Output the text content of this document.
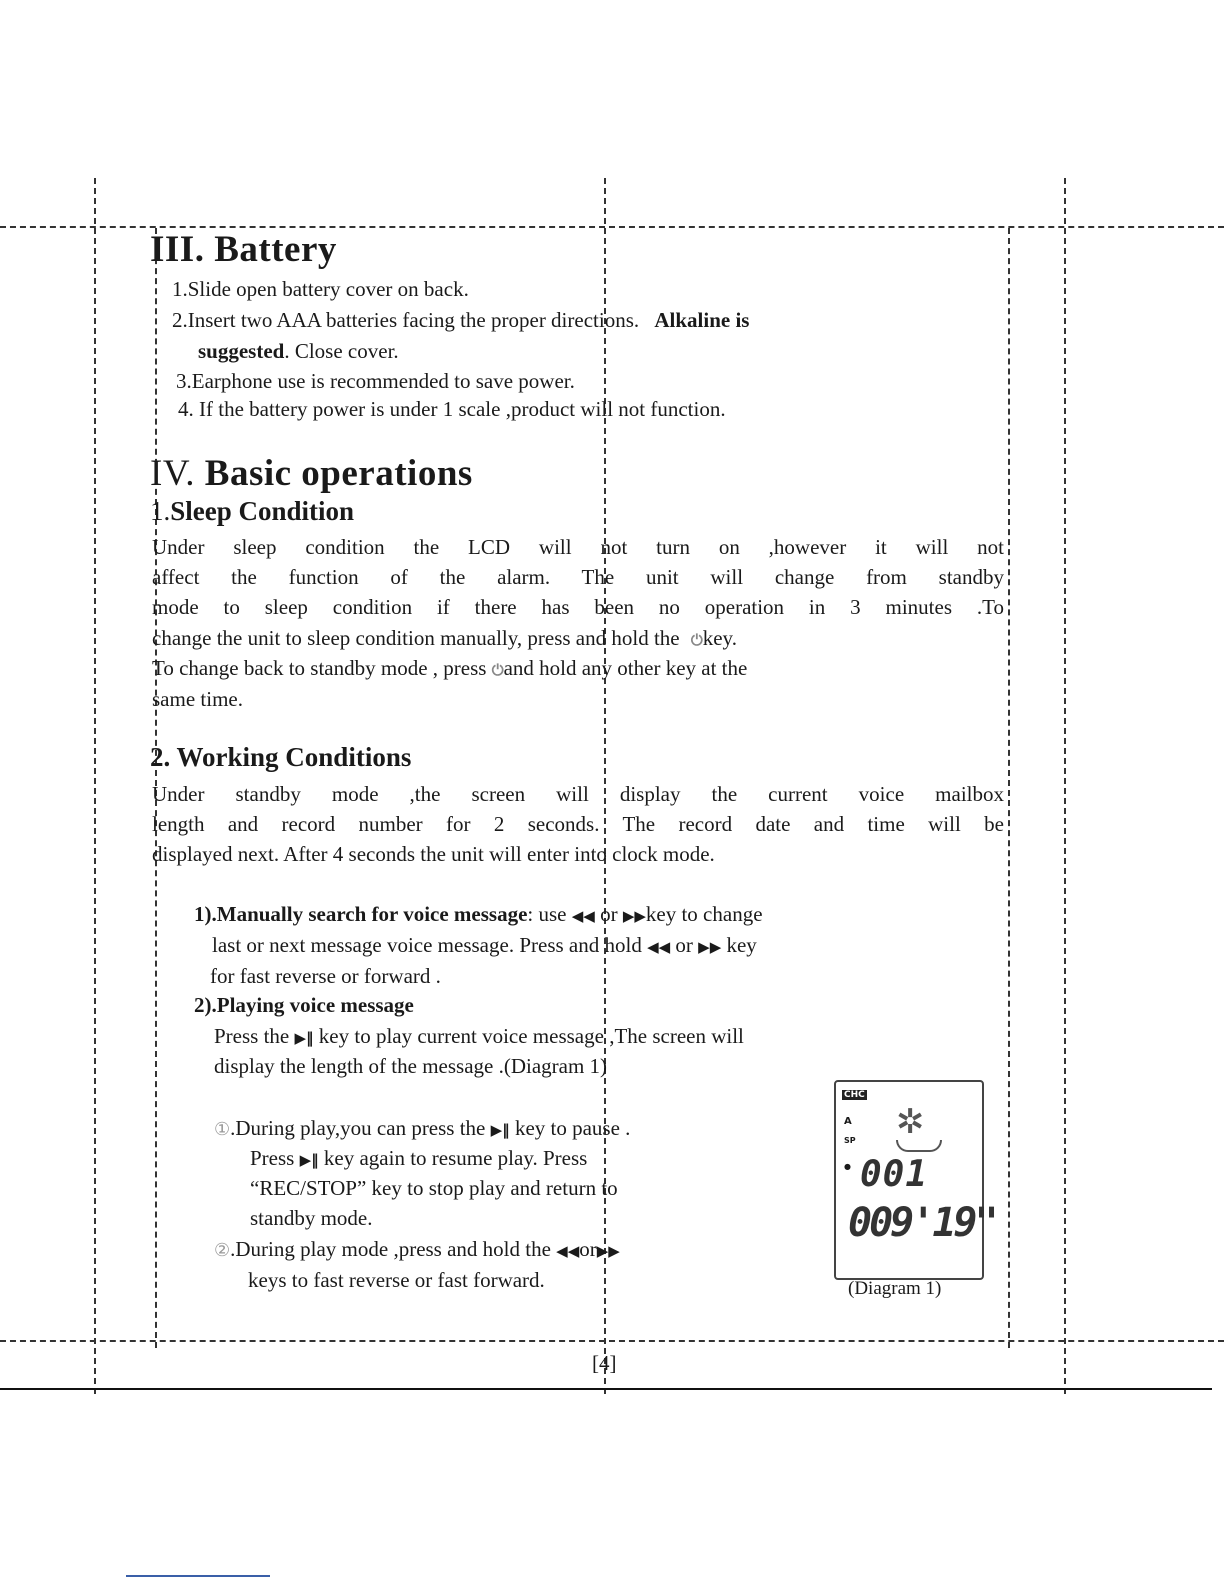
III. Battery
1.Slide open battery cover on back.
2.Insert two AAA batteries facing the proper directions. Alkaline is
suggested. Close cover.
3.Earphone use is recommended to save power.
4. If the battery power is under 1 scale ,product will not function.
IV. Basic operations
1.Sleep Condition
Under sleep condition the LCD will not turn on ,however it will not
affect the function of the alarm. The unit will change from standby
mode to sleep condition if there has been no operation in 3 minutes .To
change the unit to sleep condition manually, press and hold the ⏻key.
To change back to standby mode , press ⏻and hold any other key at the
same time.
2. Working Conditions
Under standby mode ,the screen will display the current voice mailbox
length and record number for 2 seconds. The record date and time will be
displayed next. After 4 seconds the unit will enter into clock mode.
1).Manually search for voice message: use ◀◀ or ▶▶key to change
last or next message voice message. Press and hold ◀◀ or ▶▶ key
for fast reverse or forward .
2).Playing voice message
Press the ▶‖ key to play current voice message ,The screen will
display the length of the message .(Diagram 1)
①.During play,you can press the ▶‖ key to pause .
Press ▶‖ key again to resume play. Press
“REC/STOP” key to stop play and return to
standby mode.
②.During play mode ,press and hold the ◀◀or▶▶
keys to fast reverse or fast forward.
CHC
A
SP
●
✲
001
009'19"
(Diagram 1)
[4]
